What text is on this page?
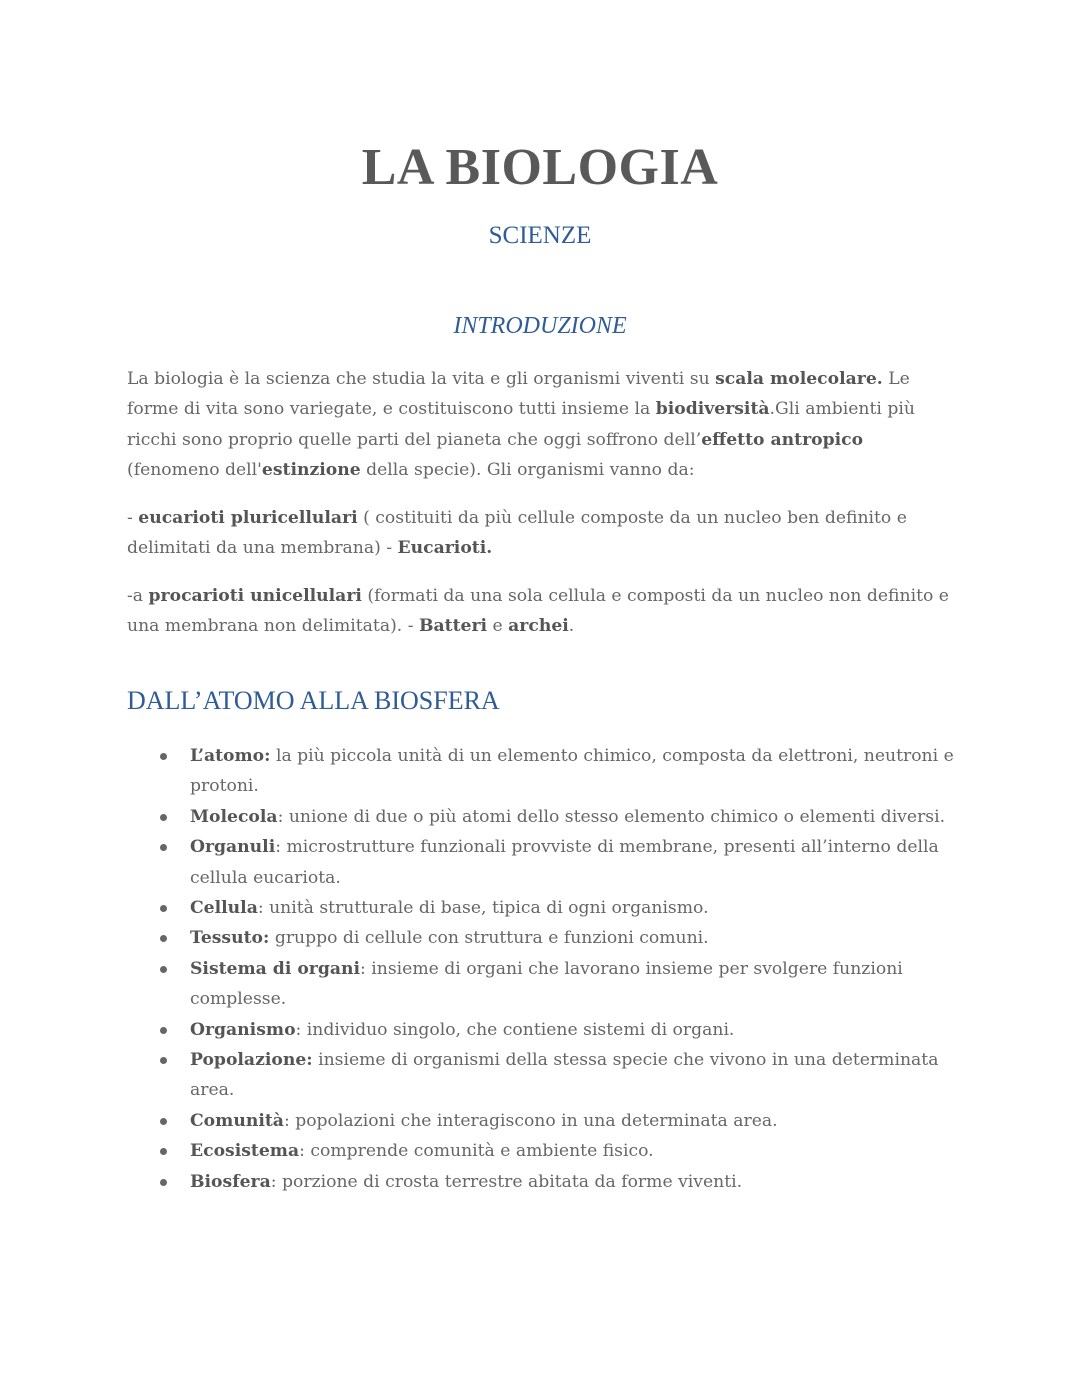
LA BIOLOGIA
SCIENZE
INTRODUZIONE

La biologia è la scienza che studia la vita e gli organismi viventi su scala molecolare. Le forme di vita sono variegate, e costituiscono tutti insieme la biodiversità.Gli ambienti più ricchi sono proprio quelle parti del pianeta che oggi soffrono dell’effetto antropico (fenomeno dell'estinzione della specie). Gli organismi vanno da:

- eucarioti pluricellulari ( costituiti da più cellule composte da un nucleo ben definito e delimitati da una membrana) - Eucarioti.

-a procarioti unicellulari (formati da una sola cellula e composti da un nucleo non definito e una membrana non delimitata). - Batteri e archei.

DALL’ATOMO ALLA BIOSFERA
L’atomo: la più piccola unità di un elemento chimico, composta da elettroni, neutroni e protoni.
Molecola: unione di due o più atomi dello stesso elemento chimico o elementi diversi.
Organuli: microstrutture funzionali provviste di membrane, presenti all’interno della cellula eucariota.
Cellula: unità strutturale di base, tipica di ogni organismo.
Tessuto: gruppo di cellule con struttura e funzioni comuni.
Sistema di organi: insieme di organi che lavorano insieme per svolgere funzioni complesse.
Organismo: individuo singolo, che contiene sistemi di organi.
Popolazione: insieme di organismi della stessa specie che vivono in una determinata area.
Comunità: popolazioni che interagiscono in una determinata area.
Ecosistema: comprende comunità e ambiente fisico.
Biosfera: porzione di crosta terrestre abitata da forme viventi.
